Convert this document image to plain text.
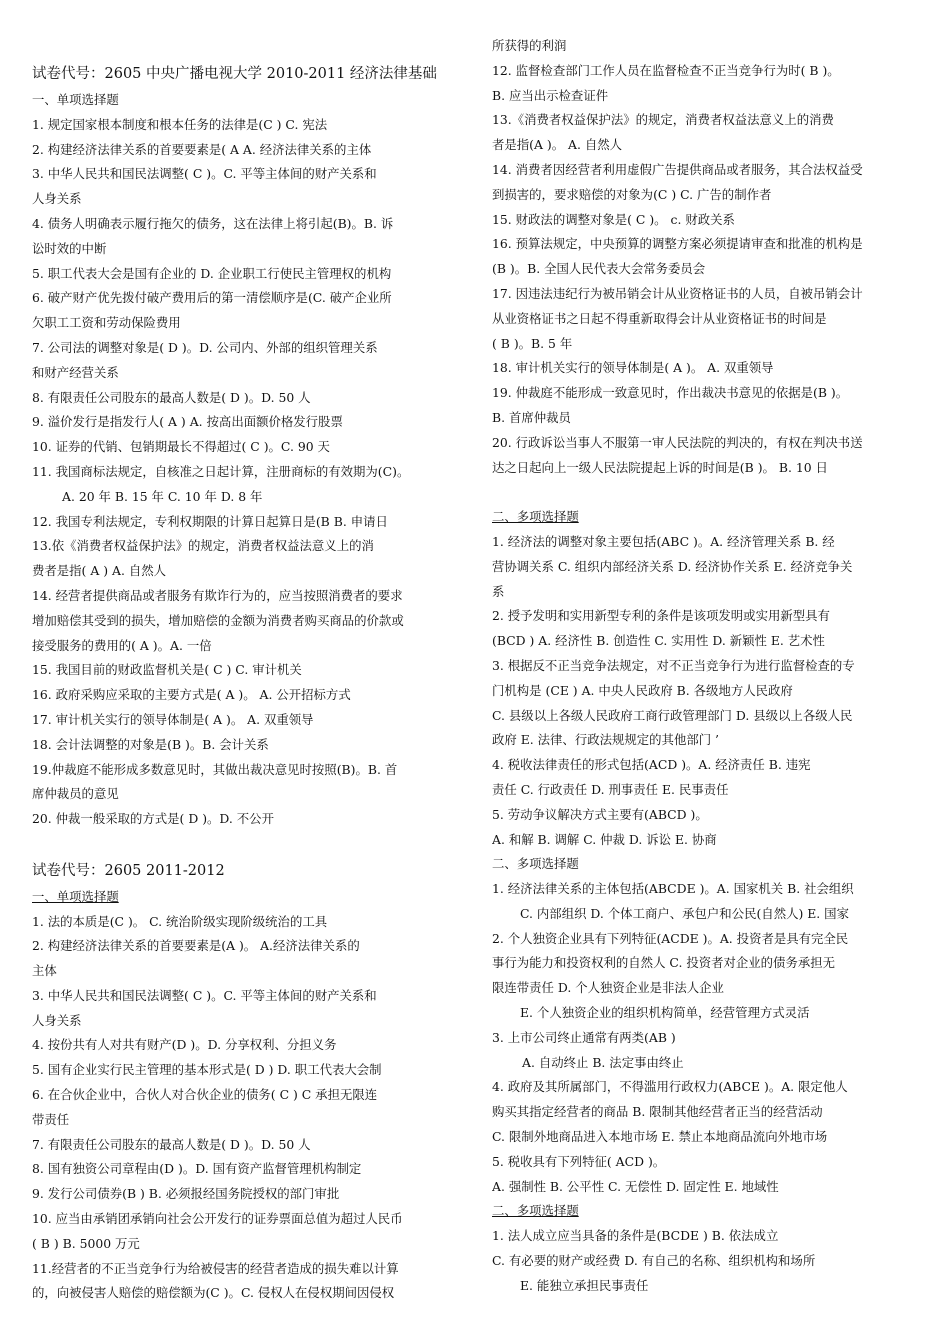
试卷代号：2605 中央广播电视大学 2010-2011 经济法律基础
一、单项选择题
1. 规定国家根本制度和根本任务的法律是(C ) C. 宪法
2. 构建经济法律关系的首要要素是( A A. 经济法律关系的主体
3. 中华人民共和国民法调整( C )。C. 平等主体间的财产关系和
人身关系
4. 债务人明确表示履行拖欠的债务，这在法律上将引起(B)。B. 诉
讼时效的中断
5. 职工代表大会是国有企业的 D. 企业职工行使民主管理权的机构
6. 破产财产优先拨付破产费用后的第一清偿顺序是(C. 破产企业所
欠职工工资和劳动保险费用
7. 公司法的调整对象是( D )。D. 公司内、外部的组织管理关系
和财产经营关系
8. 有限责任公司股东的最高人数是( D )。D. 50 人
9. 溢价发行是指发行人( A ) A. 按高出面额价格发行股票
10. 证券的代销、包销期最长不得超过( C )。C. 90 天
11. 我国商标法规定，自核准之日起计算，注册商标的有效期为(C)。
A. 20 年 B. 15 年 C. 10 年 D. 8 年
12. 我国专利法规定，专利权期限的计算日起算日是(B B. 申请日
13.依《消费者权益保护法》的规定，消费者权益法意义上的消
费者是指( A ) A. 自然人
14. 经营者提供商品或者服务有欺诈行为的，应当按照消费者的要求
增加赔偿其受到的损失，增加赔偿的金额为消费者购买商品的价款或
接受服务的费用的( A )。A. 一倍
15. 我国目前的财政监督机关是( C ) C. 审计机关
16. 政府采购应采取的主要方式是( A )。 A. 公开招标方式
17. 审计机关实行的领导体制是( A )。 A. 双重领导
18. 会计法调整的对象是(B )。B. 会计关系
19.仲裁庭不能形成多数意见时，其做出裁决意见时按照(B)。B. 首
席仲裁员的意见
20. 仲裁一般采取的方式是( D )。D. 不公开
试卷代号：2605 2011-2012
一、单项选择题
1. 法的本质是(C )。 C. 统治阶级实现阶级统治的工具
2. 构建经济法律关系的首要要素是(A )。 A.经济法律关系的
主体
3. 中华人民共和国民法调整( C )。C. 平等主体间的财产关系和
人身关系
4. 按份共有人对共有财产(D )。D. 分享权利、分担义务
5. 国有企业实行民主管理的基本形式是( D ) D. 职工代表大会制
6. 在合伙企业中，合伙人对合伙企业的债务( C ) C 承担无限连
带责任
7. 有限责任公司股东的最高人数是( D )。D. 50 人
8. 国有独资公司章程由(D )。D. 国有资产监督管理机构制定
9. 发行公司债券(B ) B. 必须报经国务院授权的部门审批
10. 应当由承销团承销向社会公开发行的证券票面总值为超过人民币
( B ) B. 5000 万元
11.经营者的不正当竞争行为给被侵害的经营者造成的损失难以计算
的，向被侵害人赔偿的赔偿额为(C )。C. 侵权人在侵权期间因侵权
所获得的利润
12. 监督检查部门工作人员在监督检查不正当竞争行为时( B )。
B. 应当出示检查证件
13.《消费者权益保护法》的规定，消费者权益法意义上的消费
者是指(A )。 A. 自然人
14. 消费者因经营者利用虚假广告提供商品或者服务，其合法权益受
到损害的，要求赔偿的对象为(C ) C. 广告的制作者
15. 财政法的调整对象是( C )。 c. 财政关系
16. 预算法规定，中央预算的调整方案必须提请审查和批准的机构是
(B )。B. 全国人民代表大会常务委员会
17. 因违法违纪行为被吊销会计从业资格证书的人员，自被吊销会计
从业资格证书之日起不得重新取得会计从业资格证书的时间是
( B )。B. 5 年
18. 审计机关实行的领导体制是( A )。 A. 双重领导
19. 仲裁庭不能形成一致意见时，作出裁决书意见的依据是(B )。
B. 首席仲裁员
20. 行政诉讼当事人不服第一审人民法院的判决的，有权在判决书送
达之日起向上一级人民法院提起上诉的时间是(B )。 B. 10 日
二、多项选择题
1. 经济法的调整对象主要包括(ABC )。A. 经济管理关系 B. 经
营协调关系 C. 组织内部经济关系 D. 经济协作关系 E. 经济竞争关
系
2. 授予发明和实用新型专利的条件是该项发明或实用新型具有
(BCD ) A. 经济性 B. 创造性 C. 实用性 D. 新颖性 E. 艺术性
3. 根据反不正当竞争法规定，对不正当竞争行为进行监督检查的专
门机构是 (CE ) A. 中央人民政府 B. 各级地方人民政府
C. 县级以上各级人民政府工商行政管理部门 D. 县级以上各级人民
政府 E. 法律、行政法规规定的其他部门 ’
4. 税收法律责任的形式包括(ACD )。A. 经济责任 B. 违宪
责任 C. 行政责任 D. 刑事责任 E. 民事责任
5. 劳动争议解决方式主要有(ABCD )。
A. 和解 B. 调解 C. 仲裁 D. 诉讼 E. 协商
二、多项选择题
1. 经济法律关系的主体包括(ABCDE )。A. 国家机关 B. 社会组织
C. 内部组织 D. 个体工商户、承包户和公民(自然人) E. 国家
2. 个人独资企业具有下列特征(ACDE )。A. 投资者是具有完全民
事行为能力和投资权利的自然人 C. 投资者对企业的债务承担无
限连带责任 D. 个人独资企业是非法人企业
E. 个人独资企业的组织机构简单，经营管理方式灵活
3. 上市公司终止通常有两类(AB )
A. 自动终止 B. 法定事由终止
4. 政府及其所属部门，不得滥用行政权力(ABCE )。A. 限定他人
购买其指定经营者的商品 B. 限制其他经营者正当的经营活动
C. 限制外地商品进入本地市场 E. 禁止本地商品流向外地市场
5. 税收具有下列特征( ACD )。
A. 强制性 B. 公平性 C. 无偿性 D. 固定性 E. 地域性
二、多项选择题
1. 法人成立应当具备的条件是(BCDE ) B. 依法成立
C. 有必要的财产或经费 D. 有自己的名称、组织机构和场所
E. 能独立承担民事责任
